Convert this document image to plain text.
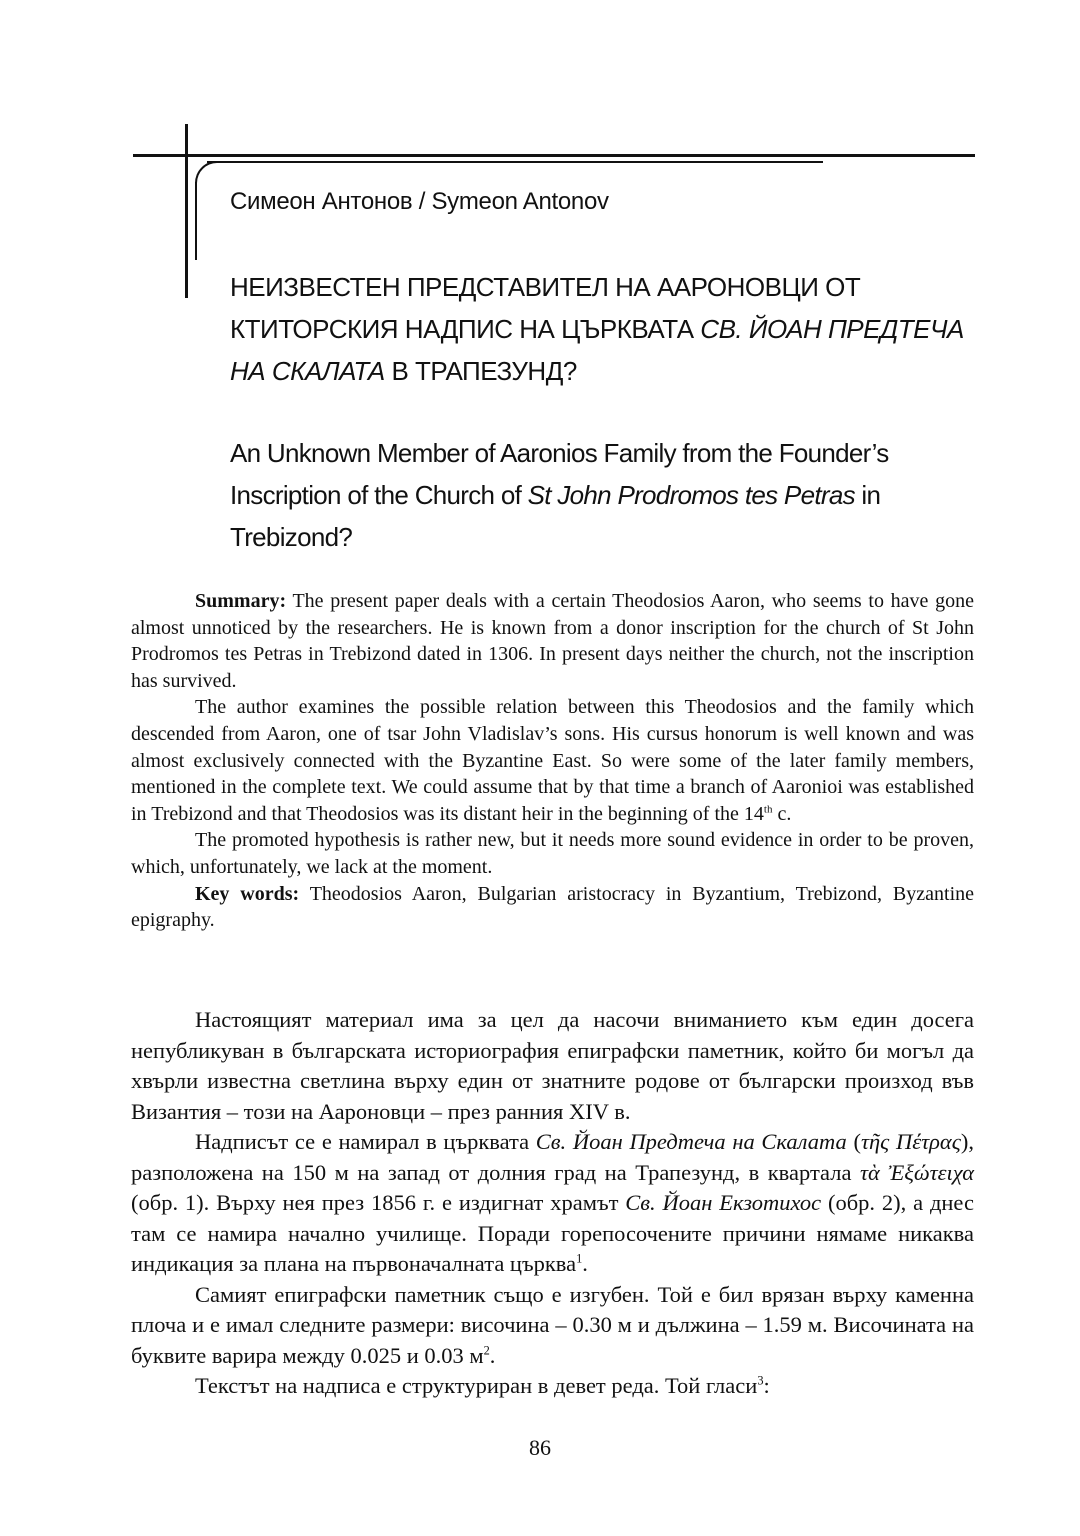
Симеон Антонов / Symeon Antonov
НЕИЗВЕСТЕН ПРЕДСТАВИТЕЛ НА ААРОНОВЦИ ОТ КТИТОРСКИЯ НАДПИС НА ЦЪРКВАТА СВ. ЙОАН ПРЕДТЕЧА НА СКАЛАТА В ТРАПЕЗУНД?
An Unknown Member of Aaronios Family from the Founder’s Inscription of the Church of St John Prodromos tes Petras in Trebizond?

Summary: The present paper deals with a certain Theodosios Aaron, who seems to have gone almost unnoticed by the researchers. He is known from a donor inscription for the church of St John Prodromos tes Petras in Trebizond dated in 1306. In present days neither the church, not the inscription has survived.

The author examines the possible relation between this Theodosios and the family which descended from Aaron, one of tsar John Vladislav’s sons. His cursus honorum is well known and was almost exclusively connected with the Byzantine East. So were some of the later family members, mentioned in the complete text. We could assume that by that time a branch of Aaronioi was established in Trebizond and that Theodosios was its distant heir in the beginning of the 14th c.

The promoted hypothesis is rather new, but it needs more sound evidence in order to be proven, which, unfortunately, we lack at the moment.

Key words: Theodosios Aaron, Bulgarian aristocracy in Byzantium, Trebizond, Byzantine epigraphy.

Настоящият материал има за цел да насочи вниманието към един досега непубликуван в българската историография епиграфски паметник, който би могъл да хвърли известна светлина върху един от знатните родове от български произход във Византия – този на Аароновци – през ранния XIV в.

Надписът се е намирал в църквата Св. Йоан Предтеча на Скалата (τῆς Πέτρας), разположена на 150 м на запад от долния град на Трапезунд, в квартала τὰ Ἐξώτειχα (обр. 1). Върху нея през 1856 г. е издигнат храмът Св. Йоан Екзотихос (обр. 2), а днес там се намира начално училище. Поради горепосочените причини нямаме никаква индикация за плана на първоначалната църква$^1$.

Самият епиграфски паметник също е изгубен. Той е бил врязан върху каменна плоча и е имал следните размери: височина – 0.30 м и дължина – 1.59 м. Височината на буквите варира между 0.025 и 0.03 $м^2$.

Текстът на надписа е структуриран в девет реда. Той гласи$^3$:

86
